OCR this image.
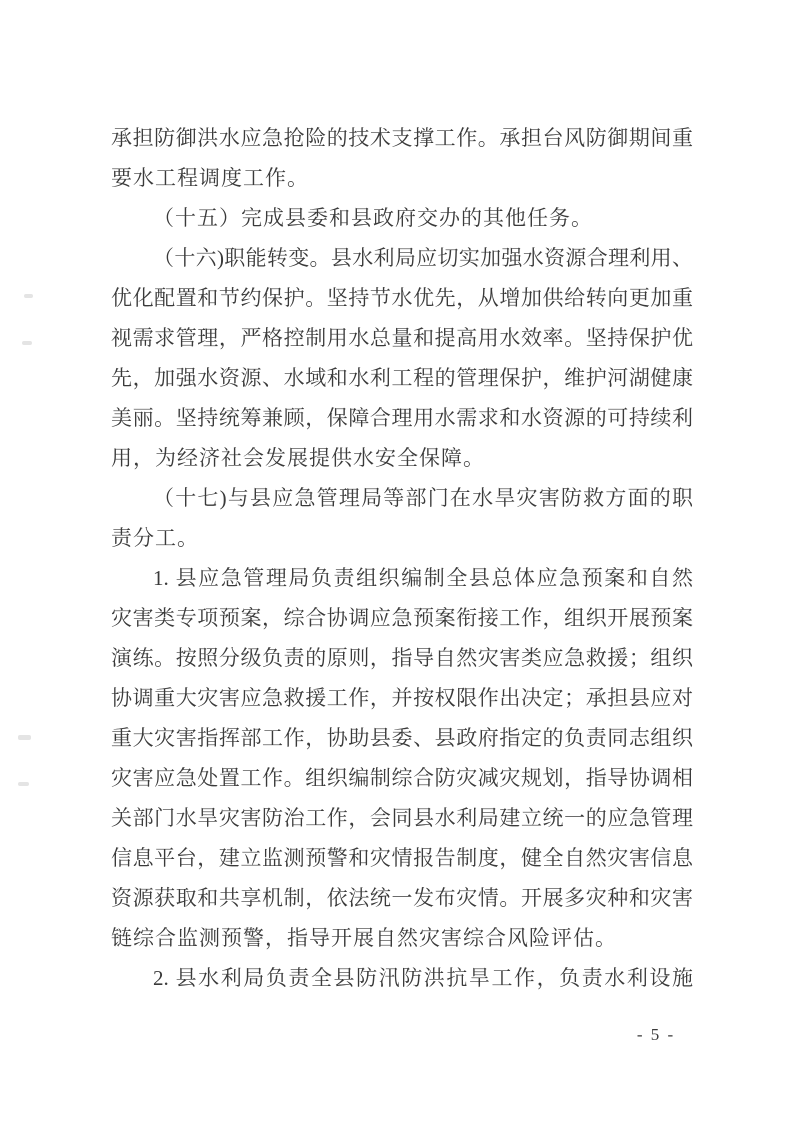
承担防御洪水应急抢险的技术支撑工作。承担台风防御期间重
要水工程调度工作。
（十五）完成县委和县政府交办的其他任务。
（十六)职能转变。县水利局应切实加强水资源合理利用、
优化配置和节约保护。坚持节水优先，从增加供给转向更加重
视需求管理，严格控制用水总量和提高用水效率。坚持保护优
先，加强水资源、水域和水利工程的管理保护，维护河湖健康
美丽。坚持统筹兼顾，保障合理用水需求和水资源的可持续利
用，为经济社会发展提供水安全保障。
（十七)与县应急管理局等部门在水旱灾害防救方面的职
责分工。
1. 县应急管理局负责组织编制全县总体应急预案和自然
灾害类专项预案，综合协调应急预案衔接工作，组织开展预案
演练。按照分级负责的原则，指导自然灾害类应急救援；组织
协调重大灾害应急救援工作，并按权限作出决定；承担县应对
重大灾害指挥部工作，协助县委、县政府指定的负责同志组织
灾害应急处置工作。组织编制综合防灾减灾规划，指导协调相
关部门水旱灾害防治工作，会同县水利局建立统一的应急管理
信息平台，建立监测预警和灾情报告制度，健全自然灾害信息
资源获取和共享机制，依法统一发布灾情。开展多灾种和灾害
链综合监测预警，指导开展自然灾害综合风险评估。
2. 县水利局负责全县防汛防洪抗旱工作，负责水利设施
- 5 -
